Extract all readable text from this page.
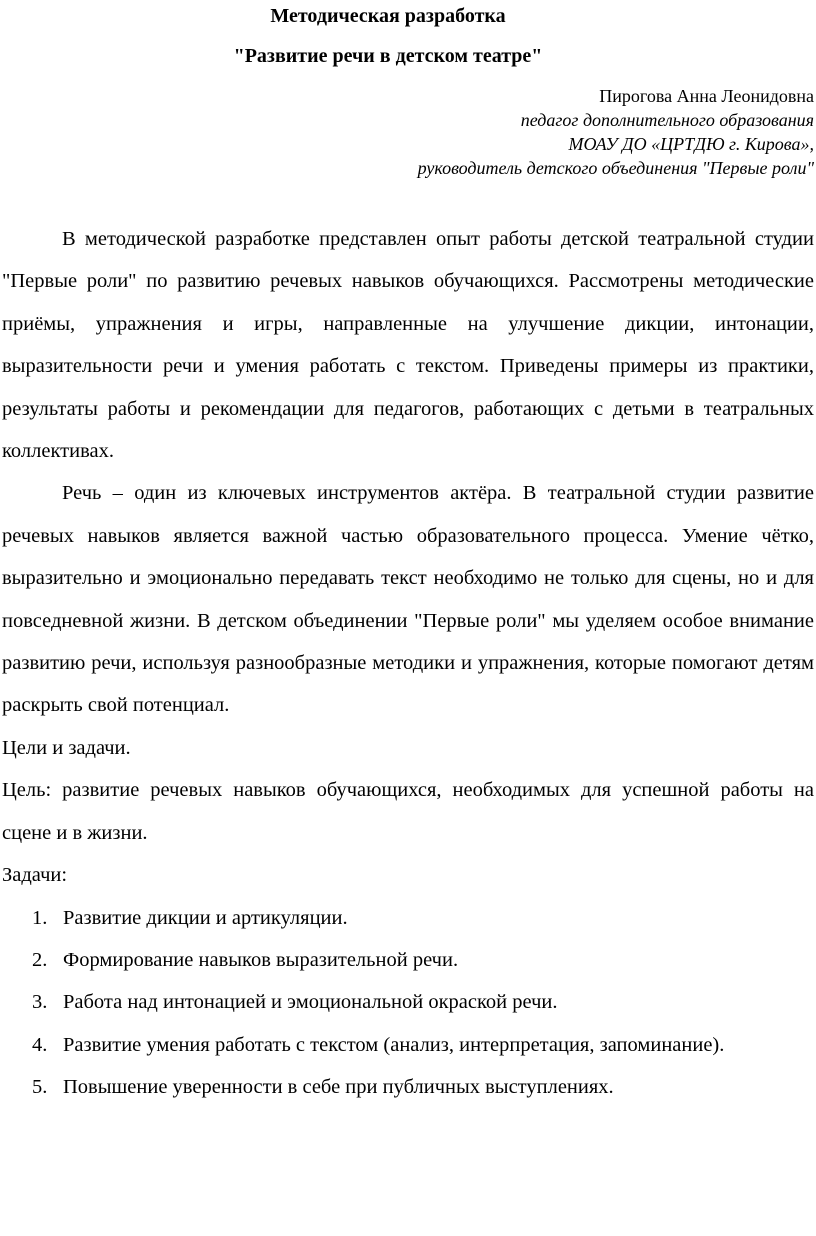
Методическая разработка
"Развитие речи в детском театре"
Пирогова Анна Леонидовна
педагог дополнительного образования
МОАУ ДО «ЦРТДЮ г. Кирова»,
руководитель детского объединения "Первые роли"

В методической разработке представлен опыт работы детской театральной студии "Первые роли" по развитию речевых навыков обучающихся. Рассмотрены методические приёмы, упражнения и игры, направленные на улучшение дикции, интонации, выразительности речи и умения работать с текстом. Приведены примеры из практики, результаты работы и рекомендации для педагогов, работающих с детьми в театральных коллективах.

Речь – один из ключевых инструментов актёра. В театральной студии развитие речевых навыков является важной частью образовательного процесса. Умение чётко, выразительно и эмоционально передавать текст необходимо не только для сцены, но и для повседневной жизни. В детском объединении "Первые роли" мы уделяем особое внимание развитию речи, используя разнообразные методики и упражнения, которые помогают детям раскрыть свой потенциал.

Цели и задачи.

Цель: развитие речевых навыков обучающихся, необходимых для успешной работы на сцене и в жизни.

Задачи:

1. Развитие дикции и артикуляции.
2. Формирование навыков выразительной речи.
3. Работа над интонацией и эмоциональной окраской речи.
4. Развитие умения работать с текстом (анализ, интерпретация, запоминание).
5. Повышение уверенности в себе при публичных выступлениях.
